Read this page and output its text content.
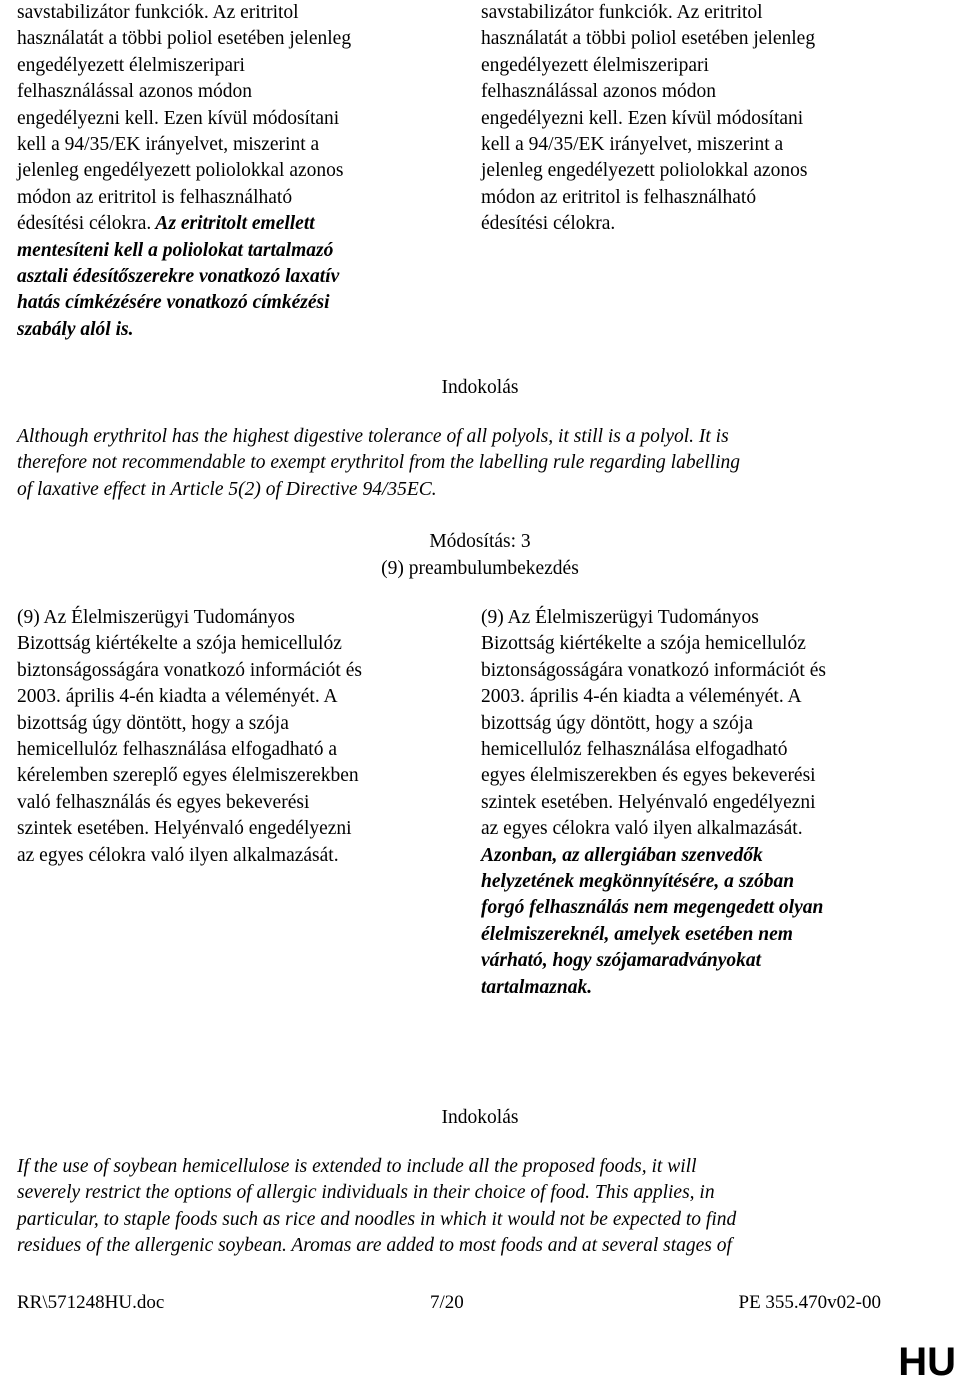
savstabilizátor funkciók. Az eritritol
használatát a többi poliol esetében jelenleg
engedélyezett élelmiszeripari
felhasználással azonos módon
engedélyezni kell. Ezen kívül módosítani
kell a 94/35/EK irányelvet, miszerint a
jelenleg engedélyezett poliolokkal azonos
módon az eritritol is felhasználható
édesítési célokra. Az eritritolt emellett
mentesíteni kell a poliolokat tartalmazó
asztali édesítőszerekre vonatkozó laxatív
hatás címkézésére vonatkozó címkézési
szabály alól is.
savstabilizátor funkciók. Az eritritol
használatát a többi poliol esetében jelenleg
engedélyezett élelmiszeripari
felhasználással azonos módon
engedélyezni kell. Ezen kívül módosítani
kell a 94/35/EK irányelvet, miszerint a
jelenleg engedélyezett poliolokkal azonos
módon az eritritol is felhasználható
édesítési célokra.
Indokolás
Although erythritol has the highest digestive tolerance of all polyols, it still is a polyol. It is
therefore not recommendable to exempt erythritol from the labelling rule regarding labelling
of laxative effect in Article 5(2) of Directive 94/35EC.
Módosítás: 3
(9) preambulumbekezdés
(9) Az Élelmiszerügyi Tudományos
Bizottság kiértékelte a szója hemicellulóz
biztonságosságára vonatkozó információt és
2003. április 4-én kiadta a véleményét. A
bizottság úgy döntött, hogy a szója
hemicellulóz felhasználása elfogadható a
kérelemben szereplő egyes élelmiszerekben
való felhasználás és egyes bekeverési
szintek esetében. Helyénvaló engedélyezni
az egyes célokra való ilyen alkalmazását.
(9) Az Élelmiszerügyi Tudományos
Bizottság kiértékelte a szója hemicellulóz
biztonságosságára vonatkozó információt és
2003. április 4-én kiadta a véleményét. A
bizottság úgy döntött, hogy a szója
hemicellulóz felhasználása elfogadható
egyes élelmiszerekben és egyes bekeverési
szintek esetében. Helyénvaló engedélyezni
az egyes célokra való ilyen alkalmazását.
Azonban, az allergiában szenvedők
helyzetének megkönnyítésére, a szóban
forgó felhasználás nem megengedett olyan
élelmiszereknél, amelyek esetében nem
várható, hogy szójamaradványokat
tartalmaznak.
Indokolás
If the use of soybean hemicellulose is extended to include all the proposed foods, it will
severely restrict the options of allergic individuals in their choice of food. This applies, in
particular, to staple foods such as rice and noodles in which it would not be expected to find
residues of the allergenic soybean. Aromas are added to most foods and at several stages of
RR\571248HU.doc	7/20	PE 355.470v02-00
HU
